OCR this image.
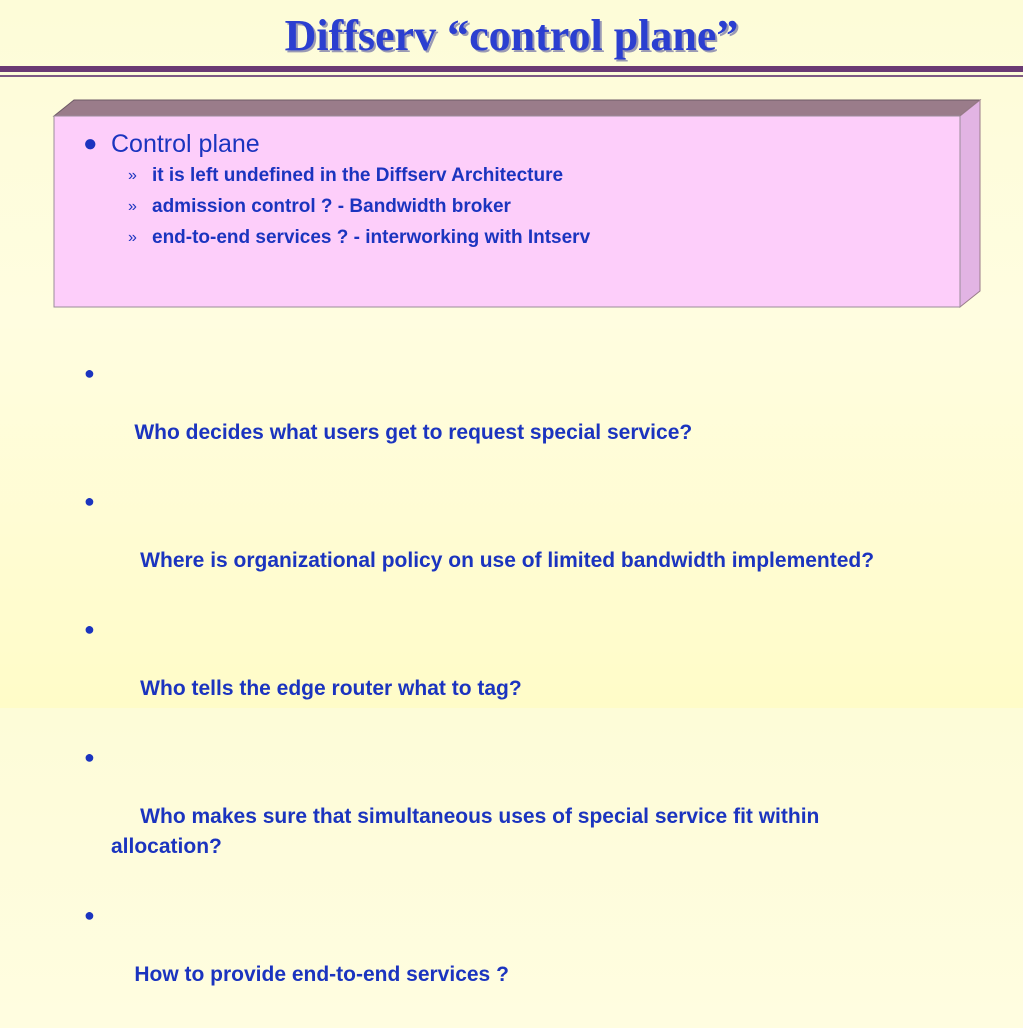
Diffserv “control plane”
● Control plane
» it is left undefined in the Diffserv Architecture
» admission control ? - Bandwidth broker
» end-to-end services ? - interworking with Intserv

●

Who decides what users get to request special service?

●

Where is organizational policy on use of limited bandwidth implemented?

●

Who tells the edge router what to tag?

●

Who makes sure that simultaneous uses of special service fit within allocation?

●

How to provide end-to-end services ?
